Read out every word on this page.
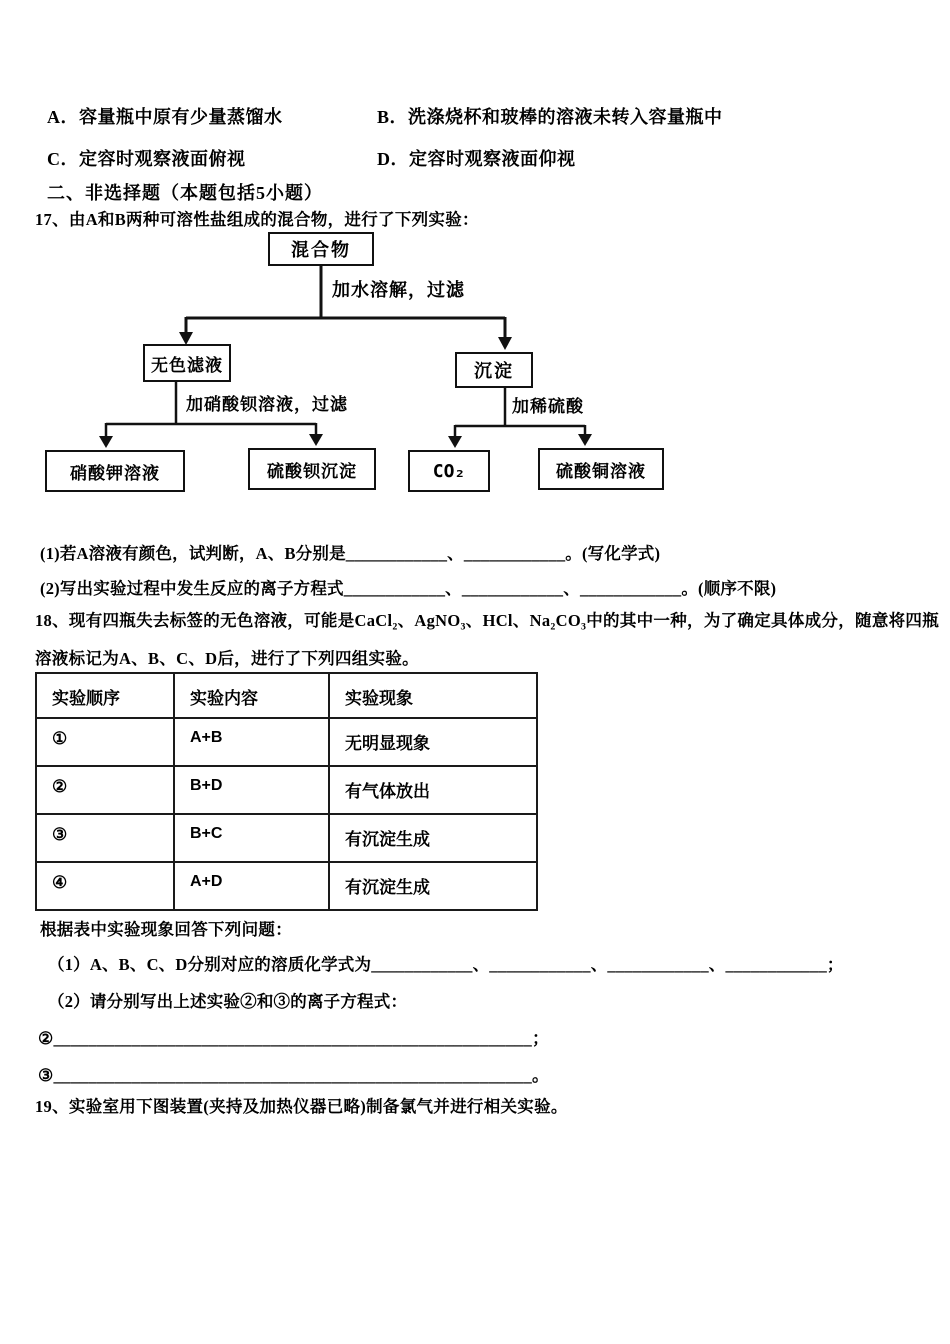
A．容量瓶中原有少量蒸馏水	B．洗涤烧杯和玻棒的溶液未转入容量瓶中
C．定容时观察液面俯视	D．定容时观察液面仰视
二、非选择题（本题包括5小题）
17、由A和B两种可溶性盐组成的混合物，进行了下列实验：
混合物
加水溶解，过滤
无色滤液	沉淀
加硝酸钡溶液，过滤	加稀硫酸
硝酸钾溶液	硫酸钡沉淀	CO₂	硫酸铜溶液
(1)若A溶液有颜色，试判断，A、B分别是____________、____________。(写化学式)
(2)写出实验过程中发生反应的离子方程式____________、____________、____________。(顺序不限)
18、现有四瓶失去标签的无色溶液，可能是CaCl₂、AgNO₃、HCl、Na₂CO₃中的其中一种，为了确定具体成分，随意将四瓶
溶液标记为A、B、C、D后，进行了下列四组实验。
实验顺序	实验内容	实验现象
①	A+B	无明显现象
②	B+D	有气体放出
③	B+C	有沉淀生成
④	A+D	有沉淀生成
根据表中实验现象回答下列问题：
（1）A、B、C、D分别对应的溶质化学式为____________、____________、____________、____________；
（2）请分别写出上述实验②和③的离子方程式：
②_______________________________________________________；
③_______________________________________________________。
19、实验室用下图装置(夹持及加热仪器已略)制备氯气并进行相关实验。
